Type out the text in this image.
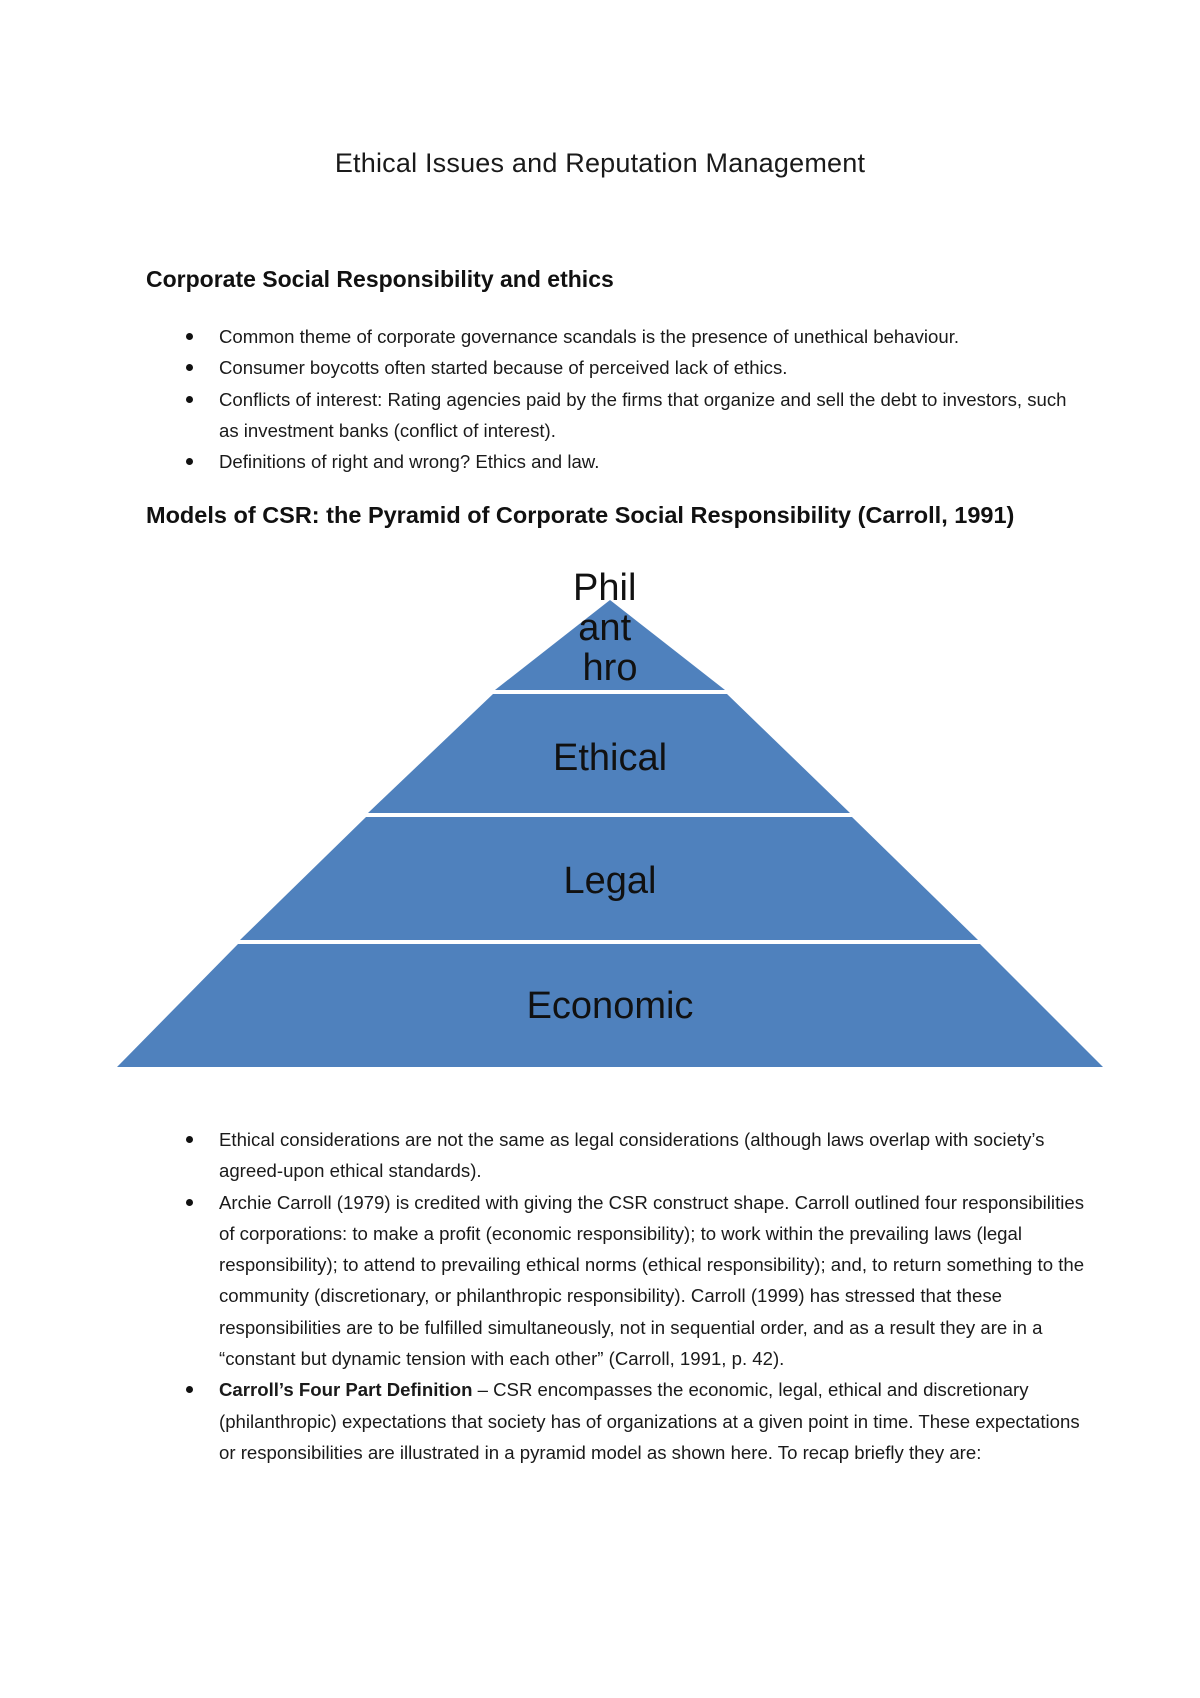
Ethical Issues and Reputation Management
Corporate Social Responsibility and ethics
Common theme of corporate governance scandals is the presence of unethical behaviour.
Consumer boycotts often started because of perceived lack of ethics.
Conflicts of interest: Rating agencies paid by the firms that organize and sell the debt to investors, such as investment banks (conflict of interest).
Definitions of right and wrong? Ethics and law.
Models of CSR: the Pyramid of Corporate Social Responsibility (Carroll, 1991)
Phil ant hro
Ethical
Legal
Economic
Ethical considerations are not the same as legal considerations (although laws overlap with society’s agreed-upon ethical standards).
Archie Carroll (1979) is credited with giving the CSR construct shape. Carroll outlined four responsibilities of corporations: to make a profit (economic responsibility); to work within the prevailing laws (legal responsibility); to attend to prevailing ethical norms (ethical responsibility); and, to return something to the community (discretionary, or philanthropic responsibility). Carroll (1999) has stressed that these responsibilities are to be fulfilled simultaneously, not in sequential order, and as a result they are in a “constant but dynamic tension with each other” (Carroll, 1991, p. 42).
Carroll’s Four Part Definition – CSR encompasses the economic, legal, ethical and discretionary (philanthropic) expectations that society has of organizations at a given point in time. These expectations or responsibilities are illustrated in a pyramid model as shown here. To recap briefly they are:
